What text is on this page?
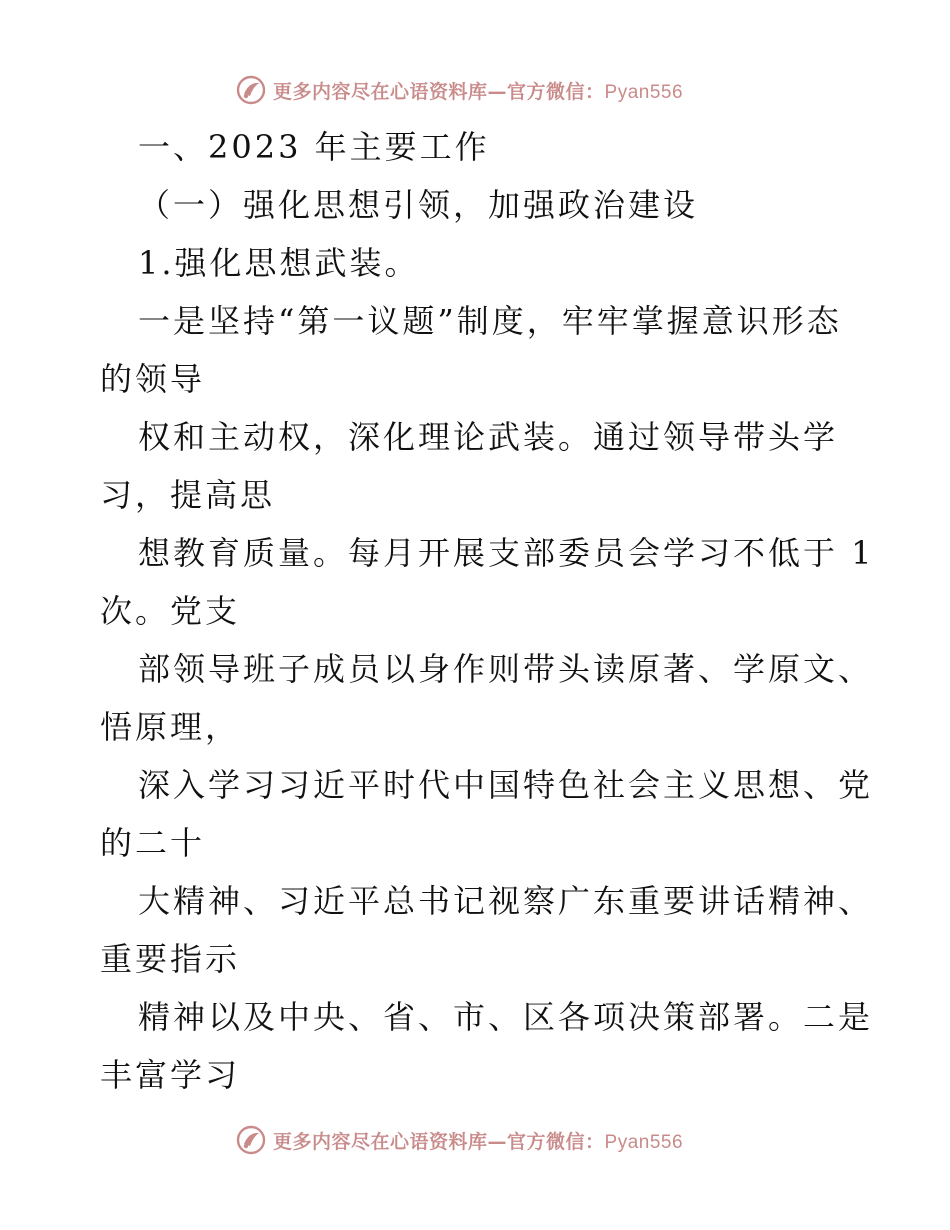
更多内容尽在心语资料库—官方微信：Pyan556
一、2023 年主要工作
（一）强化思想引领，加强政治建设
1.强化思想武装。
一是坚持“第一议题”制度，牢牢掌握意识形态
的领导
权和主动权，深化理论武装。通过领导带头学
习，提高思
想教育质量。每月开展支部委员会学习不低于 1
次。党支
部领导班子成员以身作则带头读原著、学原文、
悟原理，
深入学习习近平时代中国特色社会主义思想、党
的二十
大精神、习近平总书记视察广东重要讲话精神、
重要指示
精神以及中央、省、市、区各项决策部署。二是
丰富学习
更多内容尽在心语资料库—官方微信：Pyan556
